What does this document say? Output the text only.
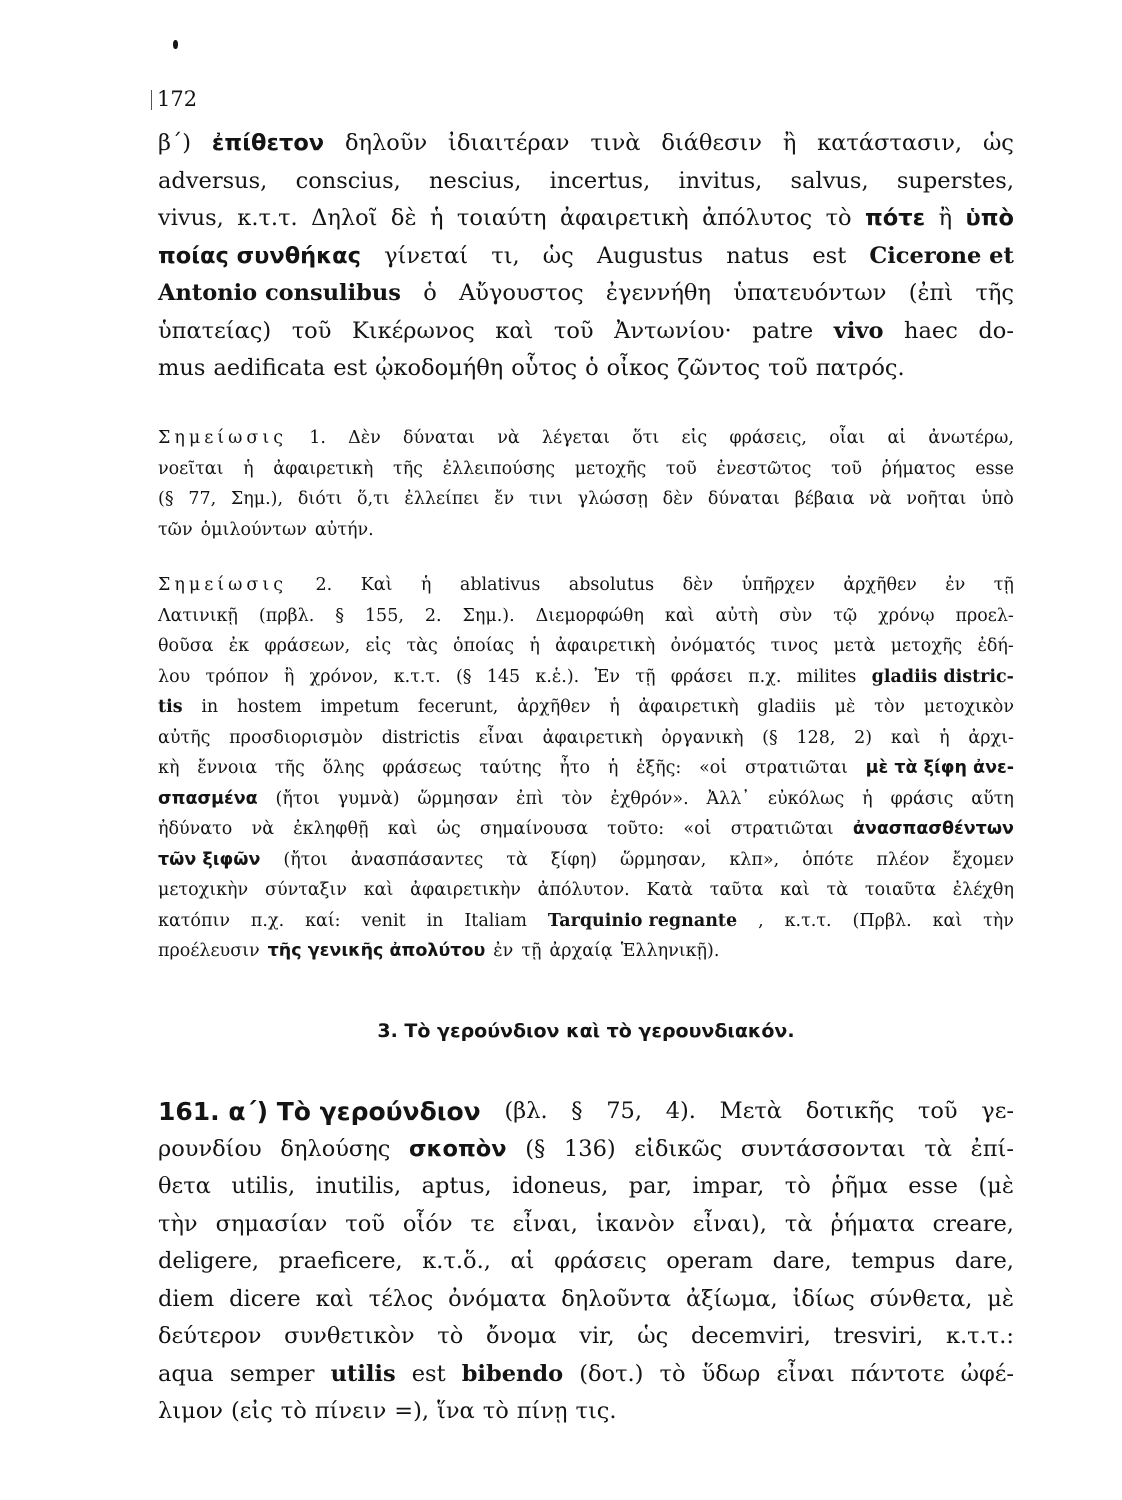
172
β΄) ἐπίθετον δηλοῦν ἰδιαιτέραν τινὰ διάθεσιν ἢ κατάστασιν, ὡς
adversus, conscius, nescius, incertus, invitus, salvus, superstes,
vivus, κ.τ.τ. Δηλοῖ δὲ ἡ τοιαύτη ἀφαιρετικὴ ἀπόλυτος τὸ πότε ἢ ὑπὸ
ποίας συνθήκας γίνεταί τι, ὡς Augustus natus est Cicerone et
Antonio consulibus ὁ Αὔγουστος ἐγεννήθη ὑπατευόντων (ἐπὶ τῆς
ὑπατείας) τοῦ Κικέρωνος καὶ τοῦ Ἀντωνίου· patre vivo haec do-
mus aedificata est ᾠκοδομήθη οὗτος ὁ οἶκος ζῶντος τοῦ πατρός.
Σημείωσις 1. Δὲν δύναται νὰ λέγεται ὅτι εἰς φράσεις, οἷαι αἱ ἀνωτέρω,
νοεῖται ἡ ἀφαιρετικὴ τῆς ἐλλειπούσης μετοχῆς τοῦ ἐνεστῶτος τοῦ ῥήματος esse
(§ 77, Σημ.), διότι ὅ,τι ἐλλείπει ἔν τινι γλώσσῃ δὲν δύναται βέβαια νὰ νοῆται ὑπὸ
τῶν ὁμιλούντων αὐτήν.
Σημείωσις 2. Καὶ ἡ ablativus absolutus δὲν ὑπῆρχεν ἀρχῆθεν ἐν τῇ
Λατινικῇ (πρβλ. § 155, 2. Σημ.). Διεμορφώθη καὶ αὐτὴ σὺν τῷ χρόνῳ προελ-
θοῦσα ἐκ φράσεων, εἰς τὰς ὁποίας ἡ ἀφαιρετικὴ ὀνόματός τινος μετὰ μετοχῆς ἐδή-
λου τρόπον ἢ χρόνον, κ.τ.τ. (§ 145 κ.ἑ.). Ἐν τῇ φράσει π.χ. milites gladiis distric-
tis in hostem impetum fecerunt, ἀρχῆθεν ἡ ἀφαιρετικὴ gladiis μὲ τὸν μετοχικὸν
αὐτῆς προσδιορισμὸν districtis εἶναι ἀφαιρετικὴ ὀργανικὴ (§ 128, 2) καὶ ἡ ἀρχι-
κὴ ἔννοια τῆς ὅλης φράσεως ταύτης ἦτο ἡ ἑξῆς: «οἱ στρατιῶται μὲ τὰ ξίφη ἀνε-
σπασμένα (ἤτοι γυμνὰ) ὥρμησαν ἐπὶ τὸν ἐχθρόν». Ἀλλ᾿ εὐκόλως ἡ φράσις αὕτη
ἠδύνατο νὰ ἐκληφθῇ καὶ ὡς σημαίνουσα τοῦτο: «οἱ στρατιῶται ἀνασπασθέντων
τῶν ξιφῶν (ἤτοι ἀνασπάσαντες τὰ ξίφη) ὥρμησαν, κλπ», ὁπότε πλέον ἔχομεν
μετοχικὴν σύνταξιν καὶ ἀφαιρετικὴν ἀπόλυτον. Κατὰ ταῦτα καὶ τὰ τοιαῦτα ἐλέχθη
κατόπιν π.χ. καί: venit in Italiam Tarquinio regnante , κ.τ.τ. (Πρβλ. καὶ τὴν
προέλευσιν τῆς γενικῆς ἀπολύτου ἐν τῇ ἀρχαίᾳ Ἑλληνικῇ).
3. Τὸ γερούνδιον καὶ τὸ γερουνδιακόν.
161. α΄) Τὸ γερούνδιον (βλ. § 75, 4). Μετὰ δοτικῆς τοῦ γε-
ρουνδίου δηλούσης σκοπὸν (§ 136) εἰδικῶς συντάσσονται τὰ ἐπί-
θετα utilis, inutilis, aptus, idoneus, par, impar, τὸ ῥῆμα esse (μὲ
τὴν σημασίαν τοῦ οἷόν τε εἶναι, ἱκανὸν εἶναι), τὰ ῥήματα creare,
deligere, praeficere, κ.τ.ὅ., αἱ φράσεις operam dare, tempus dare,
diem dicere καὶ τέλος ὀνόματα δηλοῦντα ἀξίωμα, ἰδίως σύνθετα, μὲ
δεύτερον συνθετικὸν τὸ ὄνομα vir, ὡς decemviri, tresviri, κ.τ.τ.:
aqua semper utilis est bibendo (δοτ.) τὸ ὕδωρ εἶναι πάντοτε ὠφέ-
λιμον (εἰς τὸ πίνειν =), ἵνα τὸ πίνῃ τις.
